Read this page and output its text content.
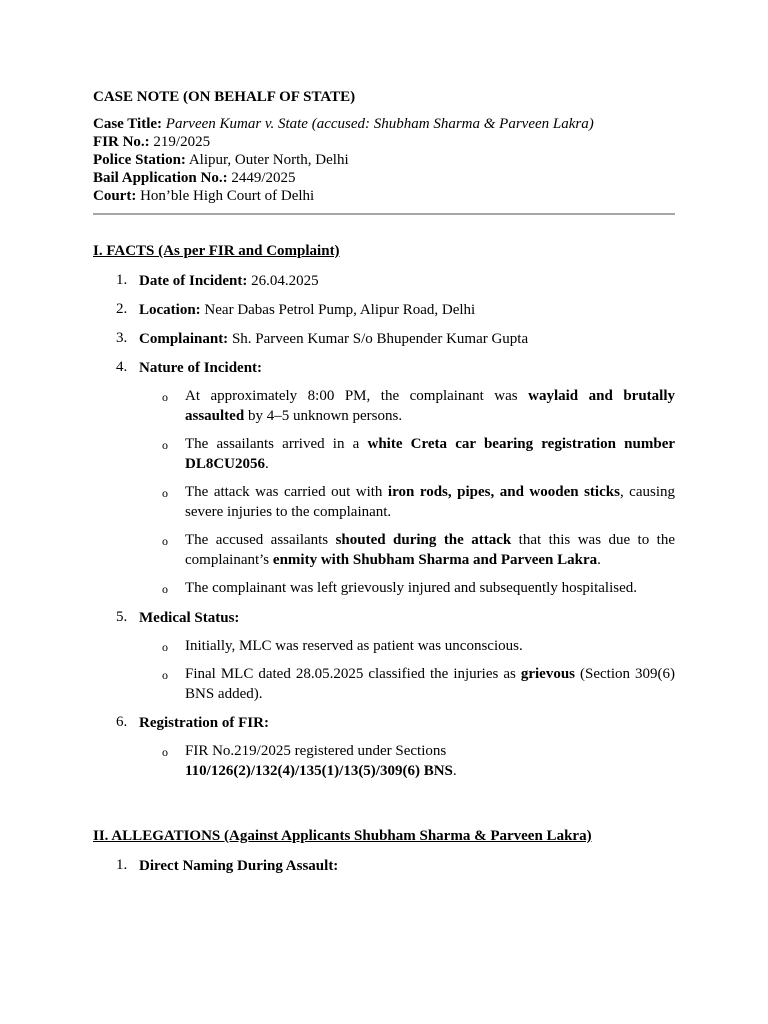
CASE NOTE (ON BEHALF OF STATE)

Case Title: Parveen Kumar v. State (accused: Shubham Sharma & Parveen Lakra)
FIR No.: 219/2025
Police Station: Alipur, Outer North, Delhi
Bail Application No.: 2449/2025
Court: Hon’ble High Court of Delhi

I. FACTS (As per FIR and Complaint)

1. Date of Incident: 26.04.2025
2. Location: Near Dabas Petrol Pump, Alipur Road, Delhi
3. Complainant: Sh. Parveen Kumar S/o Bhupender Kumar Gupta
4. Nature of Incident:
o At approximately 8:00 PM, the complainant was waylaid and brutally assaulted by 4–5 unknown persons.
o The assailants arrived in a white Creta car bearing registration number DL8CU2056.
o The attack was carried out with iron rods, pipes, and wooden sticks, causing severe injuries to the complainant.
o The accused assailants shouted during the attack that this was due to the complainant’s enmity with Shubham Sharma and Parveen Lakra.
o The complainant was left grievously injured and subsequently hospitalised.
5. Medical Status:
o Initially, MLC was reserved as patient was unconscious.
o Final MLC dated 28.05.2025 classified the injuries as grievous (Section 309(6) BNS added).
6. Registration of FIR:
o FIR No.219/2025 registered under Sections
110/126(2)/132(4)/135(1)/13(5)/309(6) BNS.

II. ALLEGATIONS (Against Applicants Shubham Sharma & Parveen Lakra)

1. Direct Naming During Assault:
